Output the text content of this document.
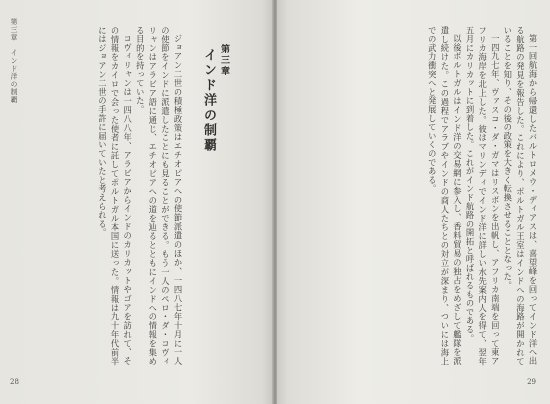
第三章　インド洋の制覇	ジョアン二世の積極政策はエチオピアへの使節派遣のほか、一四八七年十月に一人の使節をインドに派遣したことにも見ることができる。もう一人のペロ・ダ・コヴィリャンはアラビア語に通じ、エチオピアへの道を辿るとともにインドへの情報を集める目的を持っていた。

コヴィリャンは一四八八年、アラビアからインドのカリカットやゴアを訪れて、その情報をカイロで会った使者に託してポルトガル本国に送った。情報は九十年代前半にはジョアン二世の手許に届いていたと考えられる。	第三章
インド洋の制覇
28

第一回航海から帰還したバルトロメウ・ディアスは、喜望峰を回ってインド洋へ出る航路の発見を報告した。これにより、ポルトガル王室はインドへの海路が開かれていることを知り、その後の政策を大きく転換させることとなった。

一四九七年、ヴァスコ・ダ・ガマはリスボンを出帆し、アフリカ南端を回って東アフリカ海岸を北上した。彼はマリンディでインド洋に詳しい水先案内人を得て、翌年五月にカリカットに到着した。これがインド航路の開拓と呼ばれるものである。

以後ポルトガルはインド洋の交易網に参入し、香料貿易の独占をめざして艦隊を派遣し続けた。この過程でアラブやインドの商人たちとの対立が深まり、ついには海上での武力衝突へと発展していくのである。

29
